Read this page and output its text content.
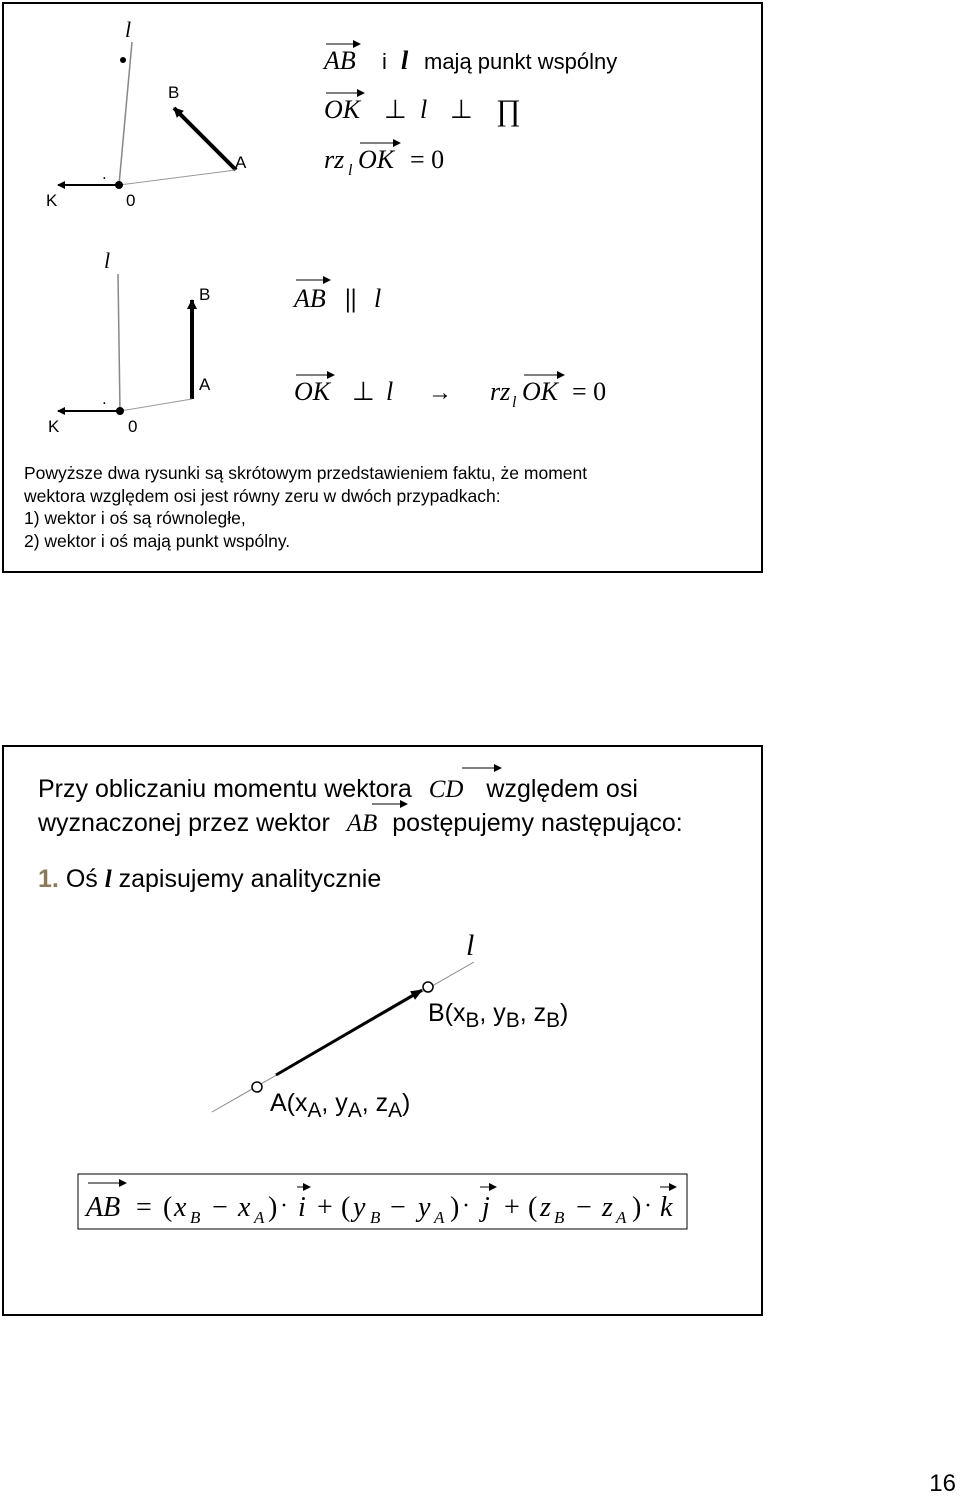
l
B
A
K	0
.
AB i l mają punkt wspólny
OK ⊥ l ⊥ ∏
rz l OK = 0
l
B
A
K	0
.
AB || l
OK ⊥ l → rz l OK = 0
Powyższe dwa rysunki są skrótowym przedstawieniem faktu, że moment
wektora względem osi jest równy zeru w dwóch przypadkach:
1) wektor i oś są równoległe,
2) wektor i oś mają punkt wspólny.
l
AB = ( x B − x A ) · i + ( y B − y A ) · j + ( z B − z A ) · k
Przy obliczaniu momentu wektora CD względem osi
wyznaczonej przez wektor AB postępujemy następująco:
1. Oś l zapisujemy analitycznie
$B(x_B$, $y_B$, $z_B$)
$A(x_A$, $y_A$, $z_A$)
16
